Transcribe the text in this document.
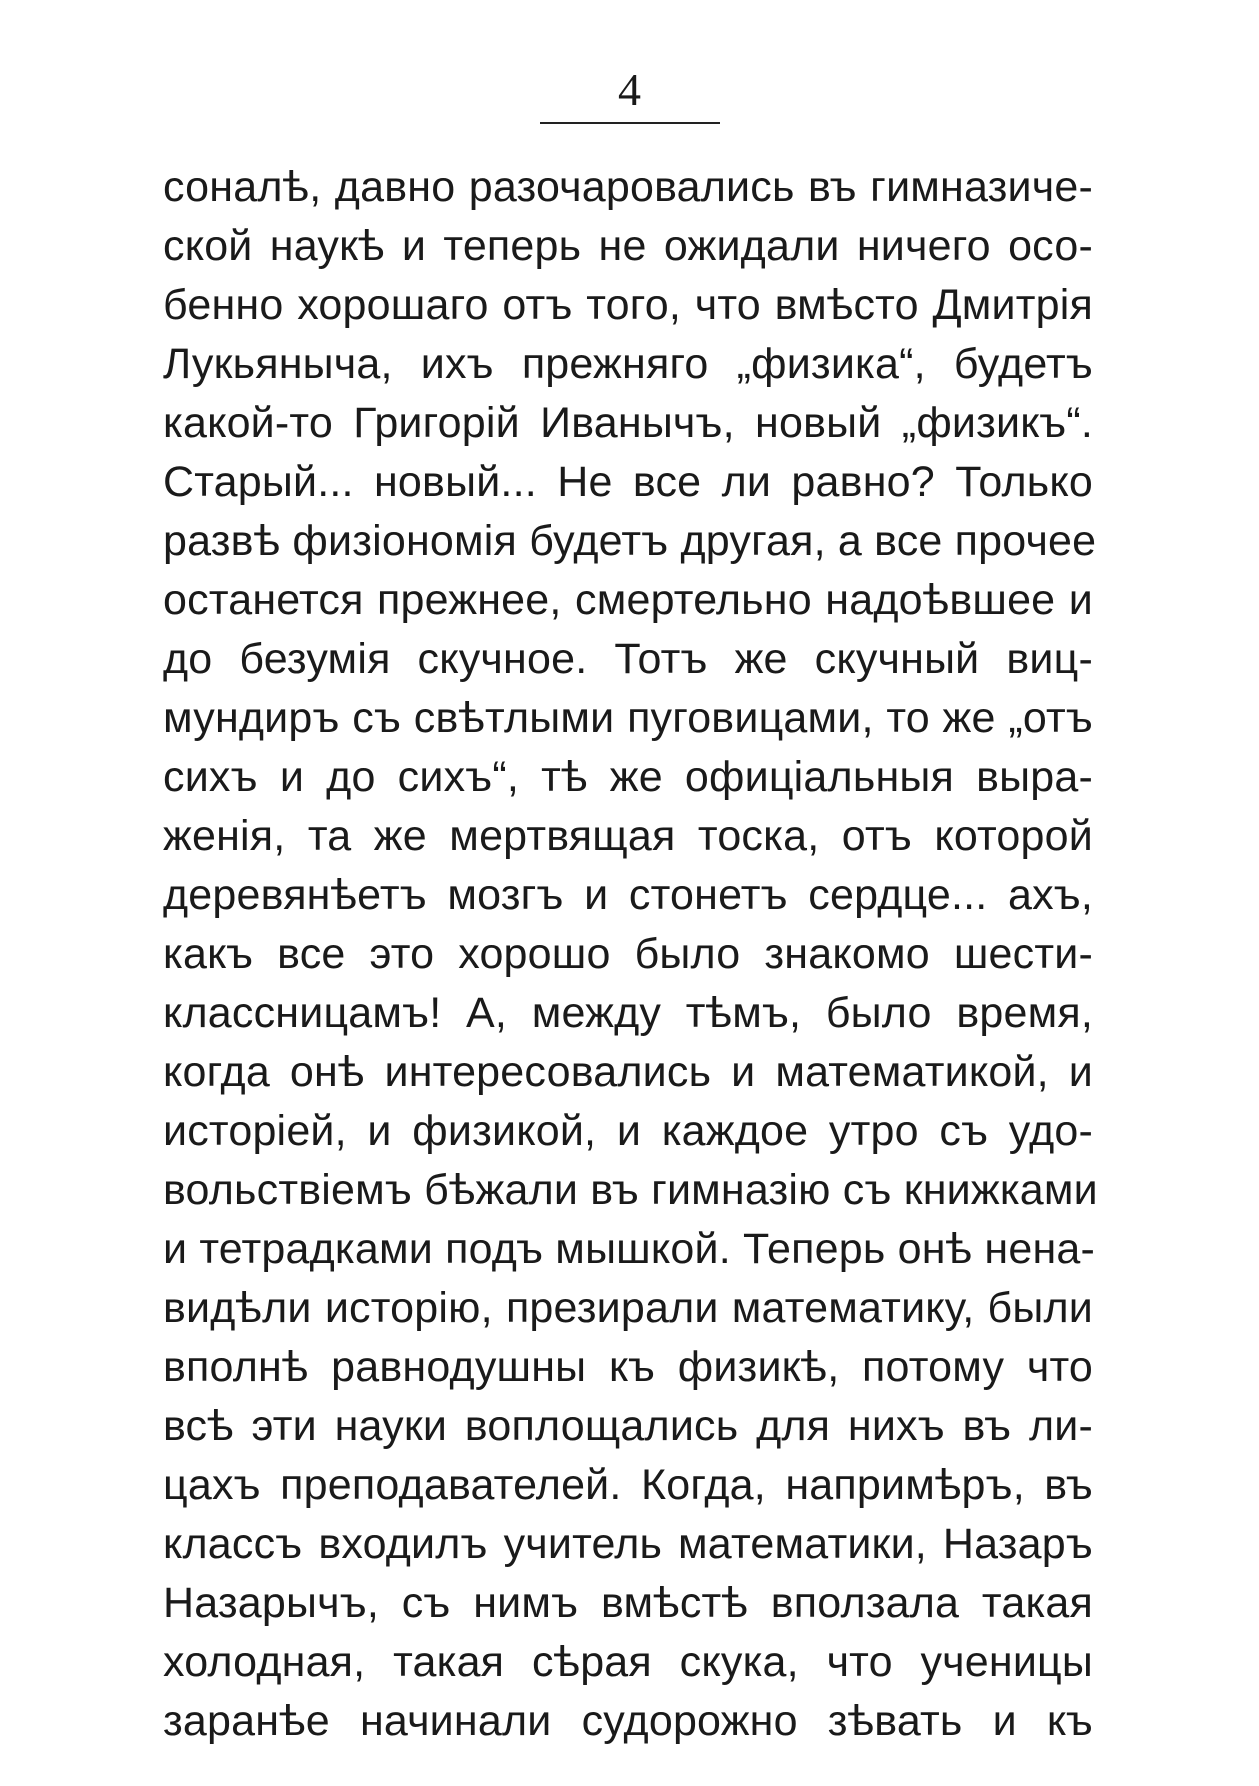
4
соналѣ, давно разочаровались въ гимназиче-
ской наукѣ и теперь не ожидали ничего осо-
бенно хорошаго отъ того, что вмѣсто Дмитрія
Лукьяныча, ихъ прежняго „физика“, будетъ
какой-то Григорій Иванычъ, новый „физикъ“.
Старый... новый... Не все ли равно? Только
развѣ физіономія будетъ другая, а все прочее
останется прежнее, смертельно надоѣвшее и
до безумія скучное. Тотъ же скучный виц-
мундиръ съ свѣтлыми пуговицами, то же „отъ
сихъ и до сихъ“, тѣ же офиціальныя выра-
женія, та же мертвящая тоска, отъ которой
деревянѣетъ мозгъ и стонетъ сердце... ахъ,
какъ все это хорошо было знакомо шести-
классницамъ! А, между тѣмъ, было время,
когда онѣ интересовались и математикой, и
исторіей, и физикой, и каждое утро съ удо-
вольствіемъ бѣжали въ гимназію съ книжками
и тетрадками подъ мышкой. Теперь онѣ нена-
видѣли исторію, презирали математику, были
вполнѣ равнодушны къ физикѣ, потому что
всѣ эти науки воплощались для нихъ въ ли-
цахъ преподавателей. Когда, напримѣръ, въ
классъ входилъ учитель математики, Назаръ
Назарычъ, съ нимъ вмѣстѣ вползала такая
холодная, такая сѣрая скука, что ученицы
заранѣе начинали судорожно зѣвать и къ
